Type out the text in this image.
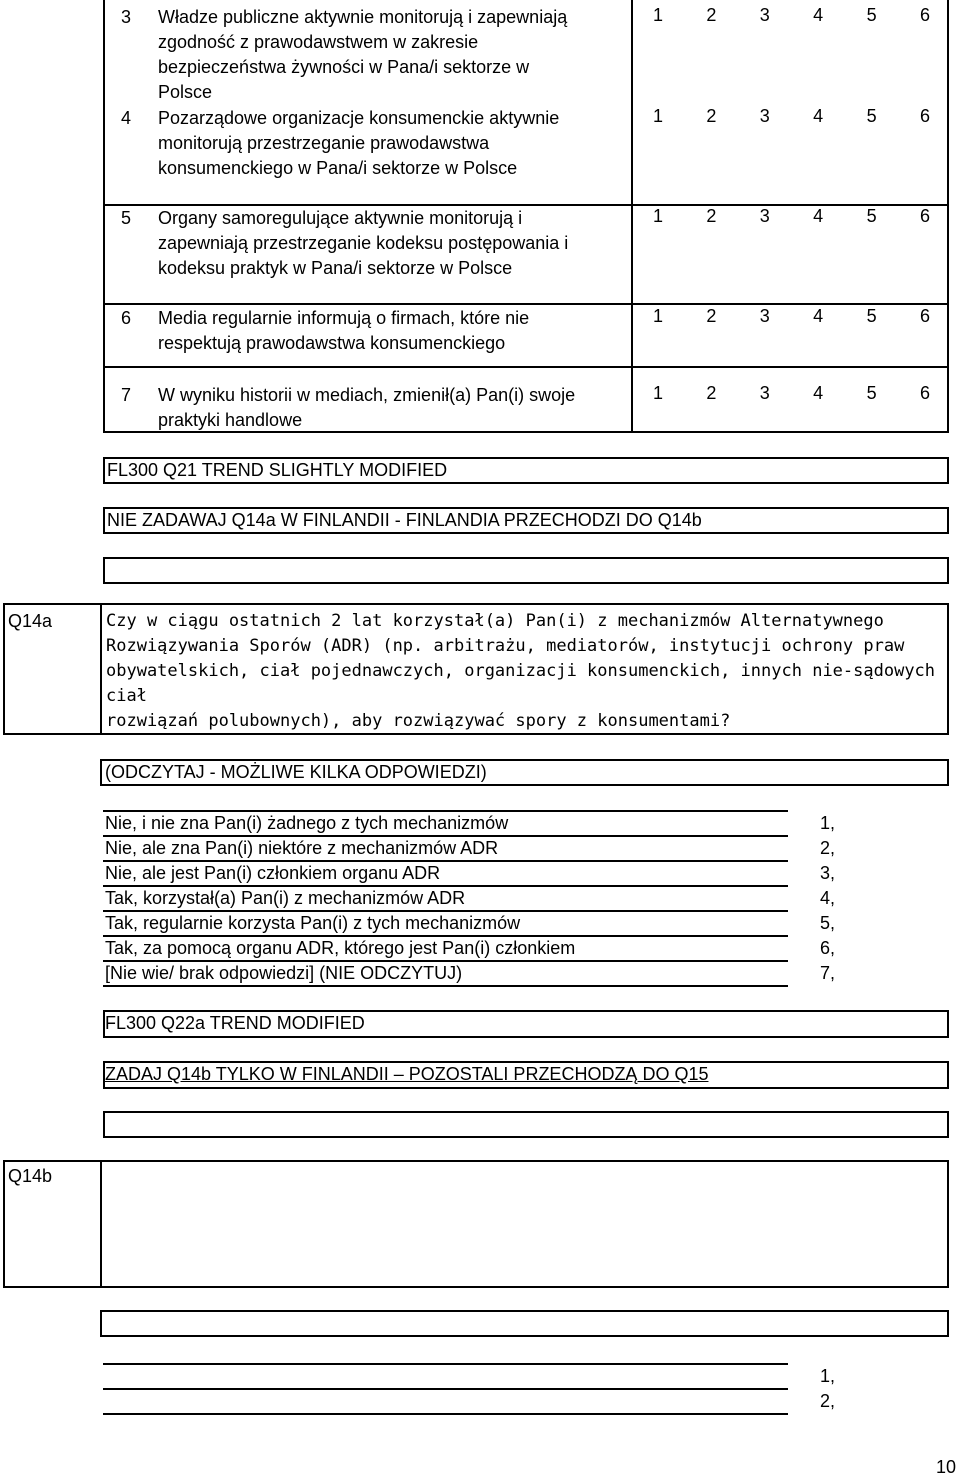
3 Władze publiczne aktywnie monitorują i zapewniają
zgodność z prawodawstwem w zakresie
bezpieczeństwa żywności w Pana/i sektorze w
Polsce
1	2	3	4	5	6
4 Pozarządowe organizacje konsumenckie aktywnie
monitorują przestrzeganie prawodawstwa
konsumenckiego w Pana/i sektorze w Polsce
1	2	3	4	5	6
5 Organy samoregulujące aktywnie monitorują i
zapewniają przestrzeganie kodeksu postępowania i
kodeksu praktyk w Pana/i sektorze w Polsce
1	2	3	4	5	6
6 Media regularnie informują o firmach, które nie
respektują prawodawstwa konsumenckiego
1	2	3	4	5	6
7 W wyniku historii w mediach, zmienił(a) Pan(i) swoje
praktyki handlowe
1	2	3	4	5	6
FL300 Q21 TREND SLIGHTLY MODIFIED
NIE ZADAWAJ Q14a W FINLANDII - FINLANDIA PRZECHODZI DO Q14b
Q14a	Czy w ciągu ostatnich 2 lat korzystał(a) Pan(i) z mechanizmów Alternatywnego
Rozwiązywania Sporów (ADR) (np. arbitrażu, mediatorów, instytucji ochrony praw
obywatelskich, ciał pojednawczych, organizacji konsumenckich, innych nie-sądowych ciał
rozwiązań polubownych), aby rozwiązywać spory z konsumentami?
(ODCZYTAJ - MOŻLIWE KILKA ODPOWIEDZI)
Nie, i nie zna Pan(i) żadnego z tych mechanizmów	1,
Nie, ale zna Pan(i) niektóre z mechanizmów ADR	2,
Nie, ale jest Pan(i) członkiem organu ADR	3,
Tak, korzystał(a) Pan(i) z mechanizmów ADR	4,
Tak, regularnie korzysta Pan(i) z tych mechanizmów	5,
Tak, za pomocą organu ADR, którego jest Pan(i) członkiem	6,
[Nie wie/ brak odpowiedzi] (NIE ODCZYTUJ)	7,
FL300 Q22a TREND MODIFIED
ZADAJ Q14b TYLKO W FINLANDII – POZOSTALI PRZECHODZĄ DO Q15
Q14b
1,
2,
10
